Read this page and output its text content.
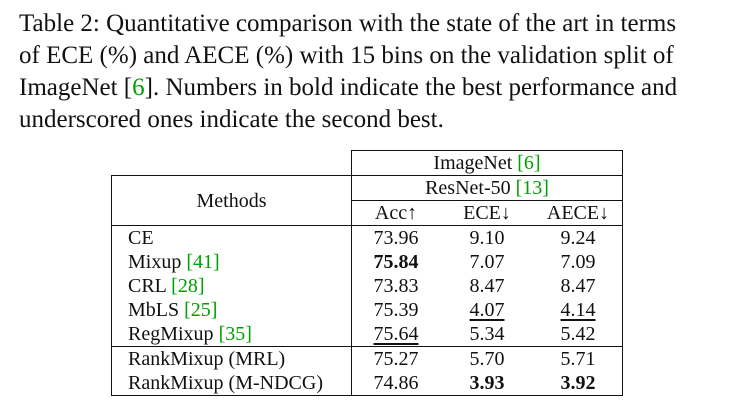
Table 2: Quantitative comparison with the state of the art in terms
of ECE (%) and AECE (%) with 15 bins on the validation split of
ImageNet [6]. Numbers in bold indicate the best performance and
underscored ones indicate the second best.
	ImageNet [6]		
Methods	ResNet-50 [13]		
	Acc↑	ECE↓	AECE↓
CE	73.96	9.10	9.24
Mixup [41]	75.84	7.07	7.09
CRL [28]	73.83	8.47	8.47
MbLS [25]	75.39	4.07	4.14
RegMixup [35]	75.64	5.34	5.42
RankMixup (MRL)	75.27	5.70	5.71
RankMixup (M-NDCG)	74.86	3.93	3.92
